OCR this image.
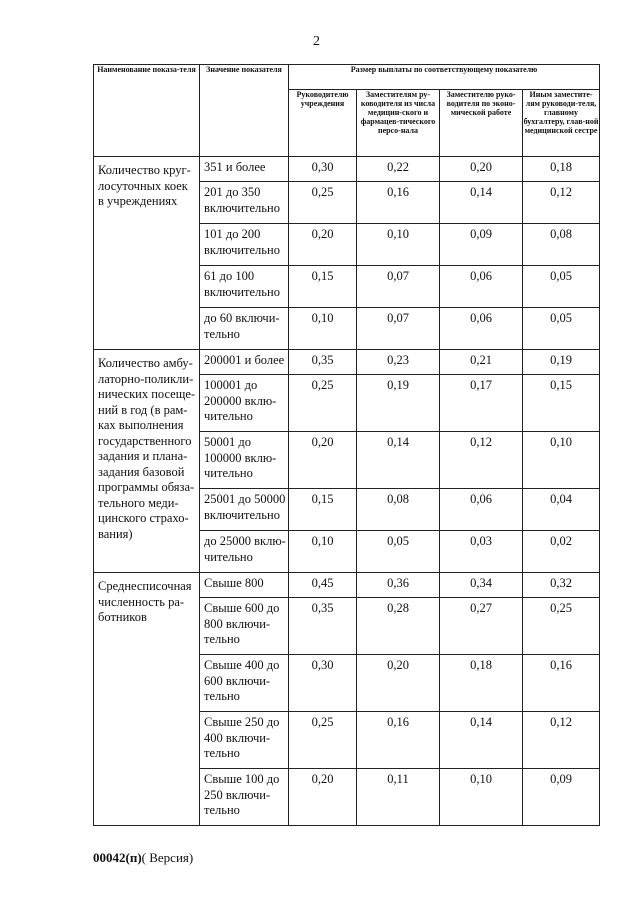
2
Наименование показа-теля	Значение показателя	Размер выплаты по соответствующему показателю			
		Руководителю учреждения	Заместителям ру-ководителя из числа медицин-ского и фармацев-тического персо-нала	Заместителю руко-водителя по эконо-мической работе	Иным заместите-лям руководи-теля, главному бухгалтеру, глав-ной медицинской сестре
Количество круг-лосуточных коек в учреждениях	351 и более	0,30	0,22	0,20	0,18
	201 до 350 включительно	0,25	0,16	0,14	0,12
	101 до 200 включительно	0,20	0,10	0,09	0,08
	61 до 100 включительно	0,15	0,07	0,06	0,05
	до 60 включи-тельно	0,10	0,07	0,06	0,05
Количество амбу-латорно-поликли-нических посеще-ний в год (в рам-ках выполнения государственного задания и плана-задания базовой программы обяза-тельного меди-цинского страхо-вания)	200001 и более	0,35	0,23	0,21	0,19
	100001 до 200000 вклю-чительно	0,25	0,19	0,17	0,15
	50001 до 100000 вклю-чительно	0,20	0,14	0,12	0,10
	25001 до 50000 включительно	0,15	0,08	0,06	0,04
	до 25000 вклю-чительно	0,10	0,05	0,03	0,02
Среднесписочная численность ра-ботников	Свыше 800	0,45	0,36	0,34	0,32
	Свыше 600 до 800 включи-тельно	0,35	0,28	0,27	0,25
	Свыше 400 до 600 включи-тельно	0,30	0,20	0,18	0,16
	Свыше 250 до 400 включи-тельно	0,25	0,16	0,14	0,12
	Свыше 100 до 250 включи-тельно	0,20	0,11	0,10	0,09
00042(п)( Версия)
